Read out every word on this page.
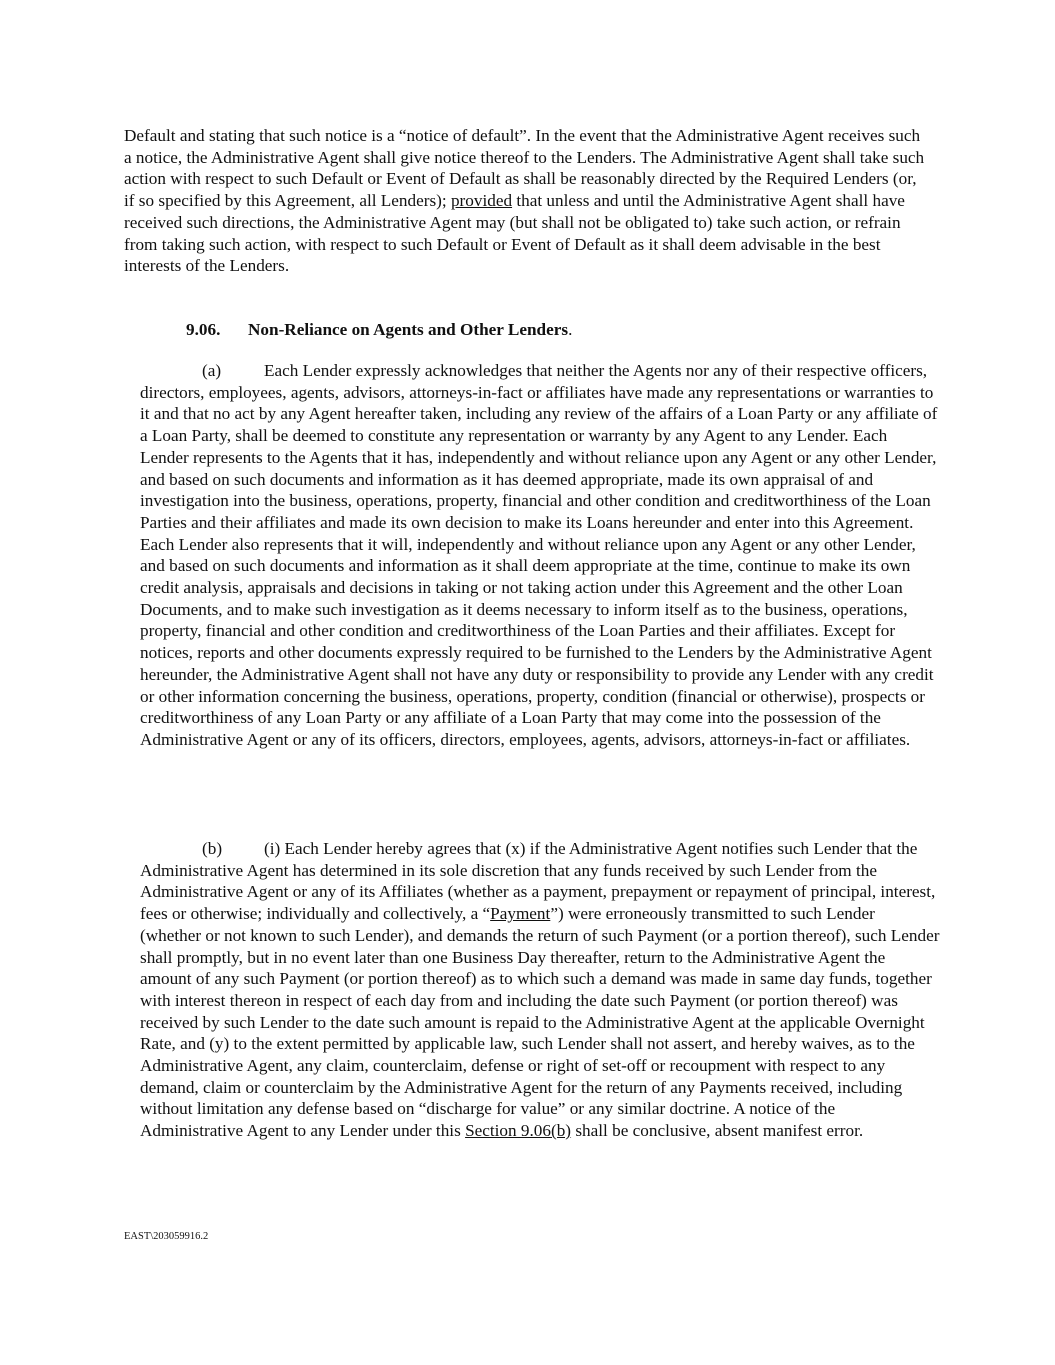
Default and stating that such notice is a “notice of default”. In the event that the Administrative Agent receives such a notice, the Administrative Agent shall give notice thereof to the Lenders. The Administrative Agent shall take such action with respect to such Default or Event of Default as shall be reasonably directed by the Required Lenders (or, if so specified by this Agreement, all Lenders); provided that unless and until the Administrative Agent shall have received such directions, the Administrative Agent may (but shall not be obligated to) take such action, or refrain from taking such action, with respect to such Default or Event of Default as it shall deem advisable in the best interests of the Lenders.

9.06. Non-Reliance on Agents and Other Lenders.

(a) Each Lender expressly acknowledges that neither the Agents nor any of their respective officers, directors, employees, agents, advisors, attorneys-in-fact or affiliates have made any representations or warranties to it and that no act by any Agent hereafter taken, including any review of the affairs of a Loan Party or any affiliate of a Loan Party, shall be deemed to constitute any representation or warranty by any Agent to any Lender. Each Lender represents to the Agents that it has, independently and without reliance upon any Agent or any other Lender, and based on such documents and information as it has deemed appropriate, made its own appraisal of and investigation into the business, operations, property, financial and other condition and creditworthiness of the Loan Parties and their affiliates and made its own decision to make its Loans hereunder and enter into this Agreement. Each Lender also represents that it will, independently and without reliance upon any Agent or any other Lender, and based on such documents and information as it shall deem appropriate at the time, continue to make its own credit analysis, appraisals and decisions in taking or not taking action under this Agreement and the other Loan Documents, and to make such investigation as it deems necessary to inform itself as to the business, operations, property, financial and other condition and creditworthiness of the Loan Parties and their affiliates. Except for notices, reports and other documents expressly required to be furnished to the Lenders by the Administrative Agent hereunder, the Administrative Agent shall not have any duty or responsibility to provide any Lender with any credit or other information concerning the business, operations, property, condition (financial or otherwise), prospects or creditworthiness of any Loan Party or any affiliate of a Loan Party that may come into the possession of the Administrative Agent or any of its officers, directors, employees, agents, advisors, attorneys-in-fact or affiliates.

(b) (i) Each Lender hereby agrees that (x) if the Administrative Agent notifies such Lender that the Administrative Agent has determined in its sole discretion that any funds received by such Lender from the Administrative Agent or any of its Affiliates (whether as a payment, prepayment or repayment of principal, interest, fees or otherwise; individually and collectively, a “Payment”) were erroneously transmitted to such Lender (whether or not known to such Lender), and demands the return of such Payment (or a portion thereof), such Lender shall promptly, but in no event later than one Business Day thereafter, return to the Administrative Agent the amount of any such Payment (or portion thereof) as to which such a demand was made in same day funds, together with interest thereon in respect of each day from and including the date such Payment (or portion thereof) was received by such Lender to the date such amount is repaid to the Administrative Agent at the applicable Overnight Rate, and (y) to the extent permitted by applicable law, such Lender shall not assert, and hereby waives, as to the Administrative Agent, any claim, counterclaim, defense or right of set-off or recoupment with respect to any demand, claim or counterclaim by the Administrative Agent for the return of any Payments received, including without limitation any defense based on “discharge for value” or any similar doctrine. A notice of the Administrative Agent to any Lender under this Section 9.06(b) shall be conclusive, absent manifest error.

EAST\203059916.2
